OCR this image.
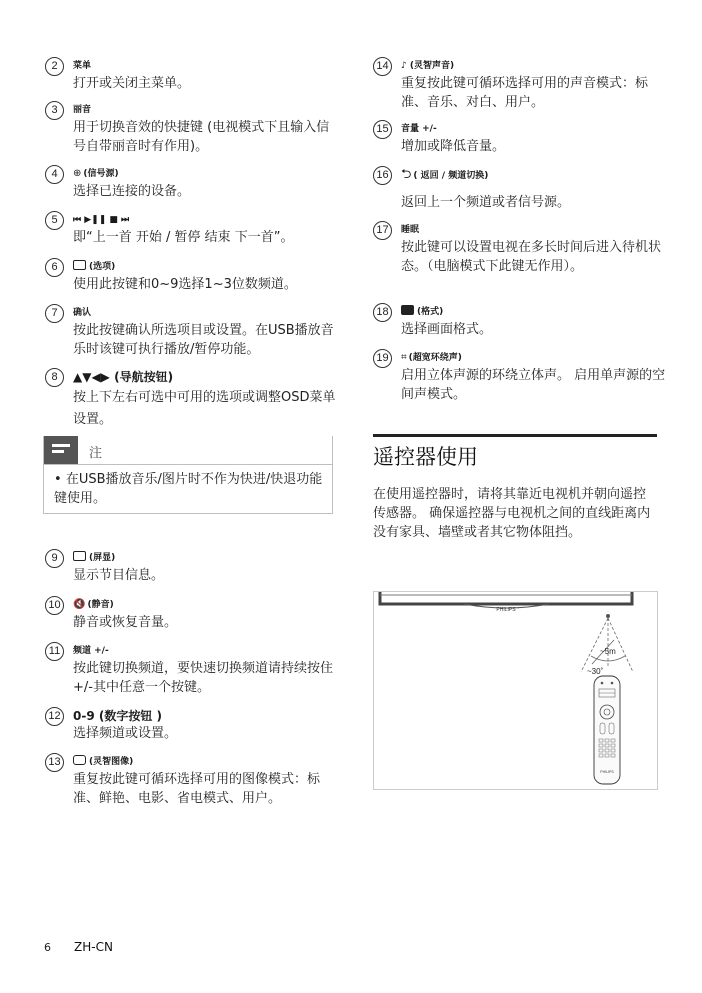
2	菜单
打开或关闭主菜单。
3	丽音
用于切换音效的快捷键 (电视模式下且输入信号自带丽音时有作用)。
4	⊕ (信号源)
选择已连接的设备。
5	⏮ ▶❚❚ ■ ⏭
即“上一首 开始 / 暂停 结束 下一首”。
6	(选项)
使用此按键和0~9选择1~3位数频道。
7	确认
按此按键确认所选项目或设置。在USB播放音乐时该键可执行播放/暂停功能。
8	▲▼◀▶ (导航按钮)
按上下左右可选中可用的选项或调整OSD菜单设置。
注
• 在USB播放音乐/图片时不作为快进/快退功能键使用。
9	(屏显)
显示节目信息。
10	🔇 (静音)
静音或恢复音量。
11	频道 +/-
按此键切换频道，要快速切换频道请持续按住+/-其中任意一个按键。
12 0-9 (数字按钮 )
选择频道或设置。
13	(灵智图像)
重复按此键可循环选择可用的图像模式：标准、鲜艳、电影、省电模式、用户。
14	♪ (灵智声音)
重复按此键可循环选择可用的声音模式：标准、音乐、对白、用户。
15	音量 +/-
增加或降低音量。
16 ⮌ ( 返回 / 频道切换)
返回上一个频道或者信号源。
17	睡眠
按此键可以设置电视在多长时间后进入待机状态。（电脑模式下此键无作用）。
18	(格式)
选择画面格式。
19	⌗ (超宽环绕声)
启用立体声源的环绕立体声。 启用单声源的空间声模式。
遥控器使用
在使用遥控器时，请将其靠近电视机并朝向遥控传感器。 确保遥控器与电视机之间的直线距离内没有家具、墙壁或者其它物体阻挡。
PHILIPS
~5m
~30˚
PHILIPS
6 ZH-CN
